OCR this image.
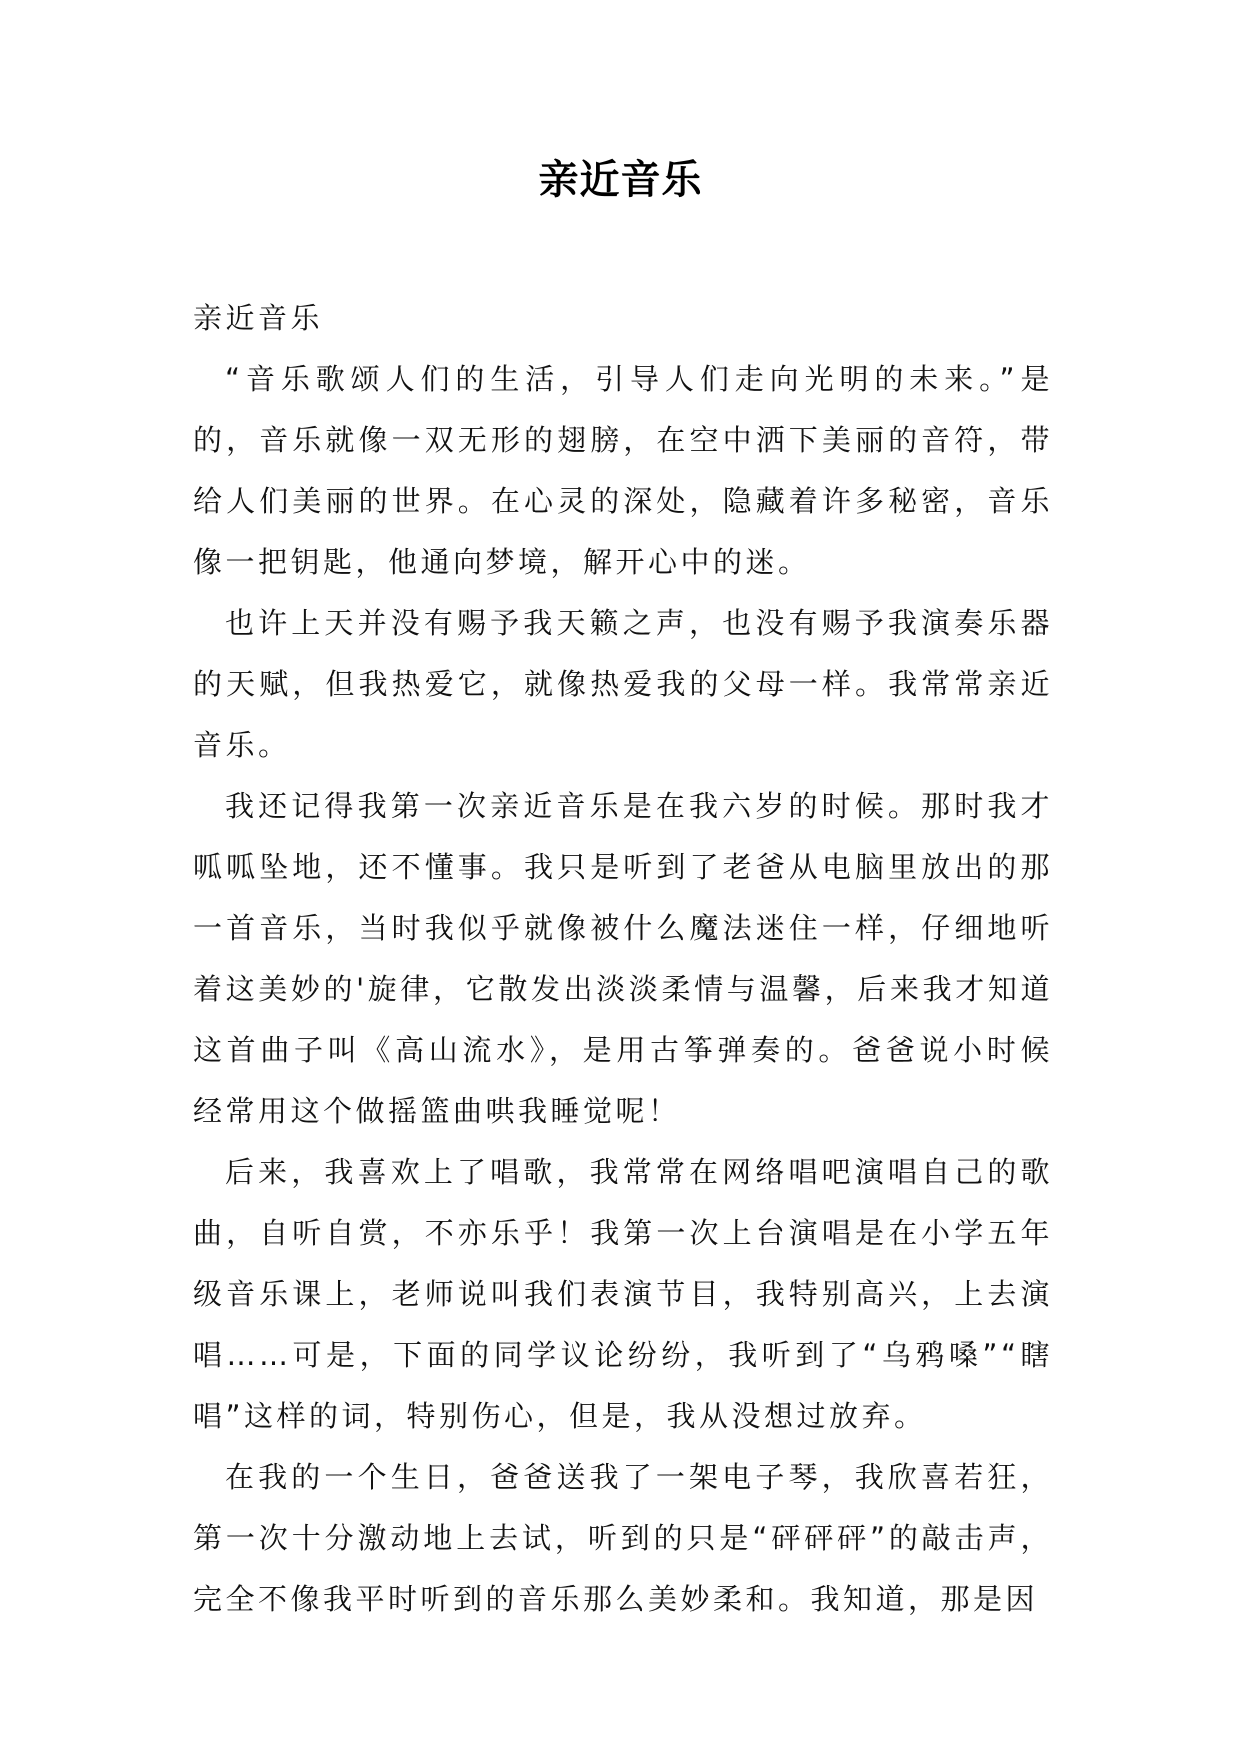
亲近音乐

亲近音乐

“音乐歌颂人们的生活，引导人们走向光明的未来。”是的，音乐就像一双无形的翅膀，在空中洒下美丽的音符，带给人们美丽的世界。在心灵的深处，隐藏着许多秘密，音乐像一把钥匙，他通向梦境，解开心中的迷。

也许上天并没有赐予我天籁之声，也没有赐予我演奏乐器的天赋，但我热爱它，就像热爱我的父母一样。我常常亲近音乐。

我还记得我第一次亲近音乐是在我六岁的时候。那时我才呱呱坠地，还不懂事。我只是听到了老爸从电脑里放出的那一首音乐，当时我似乎就像被什么魔法迷住一样，仔细地听着这美妙的'旋律，它散发出淡淡柔情与温馨，后来我才知道这首曲子叫《高山流水》，是用古筝弹奏的。爸爸说小时候经常用这个做摇篮曲哄我睡觉呢！

后来，我喜欢上了唱歌，我常常在网络唱吧演唱自己的歌曲，自听自赏，不亦乐乎！我第一次上台演唱是在小学五年级音乐课上，老师说叫我们表演节目，我特别高兴，上去演唱……可是，下面的同学议论纷纷，我听到了“乌鸦嗓”“瞎唱”这样的词，特别伤心，但是，我从没想过放弃。

在我的一个生日，爸爸送我了一架电子琴，我欣喜若狂，第一次十分激动地上去试，听到的只是“砰砰砰”的敲击声，完全不像我平时听到的音乐那么美妙柔和。我知道，那是因
